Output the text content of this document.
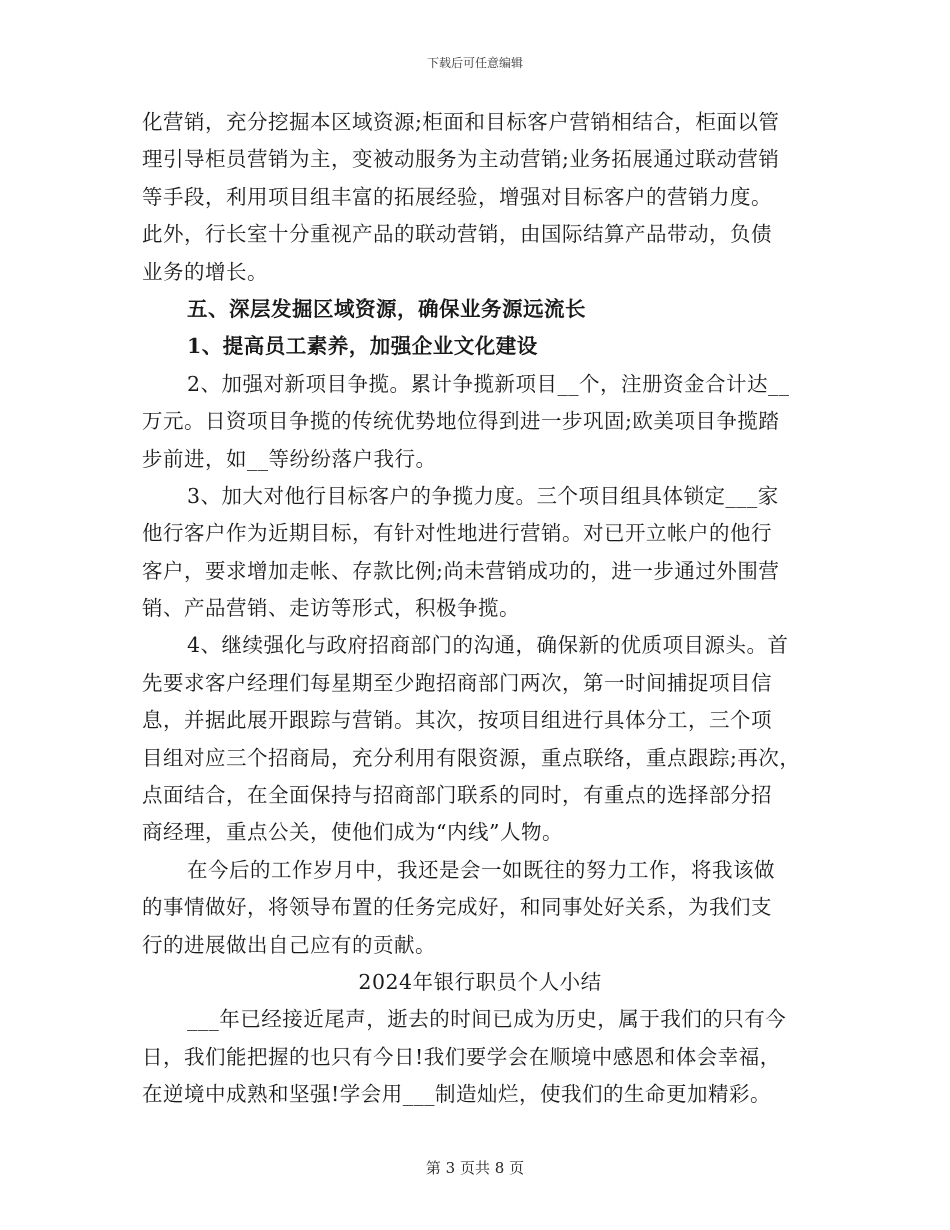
下载后可任意编辑
化营销，充分挖掘本区域资源;柜面和目标客户营销相结合，柜面以管
理引导柜员营销为主，变被动服务为主动营销;业务拓展通过联动营销
等手段，利用项目组丰富的拓展经验，增强对目标客户的营销力度。
此外，行长室十分重视产品的联动营销，由国际结算产品带动，负债
业务的增长。
五、深层发掘区域资源，确保业务源远流长
1、提高员工素养，加强企业文化建设
2、加强对新项目争揽。累计争揽新项目__个，注册资金合计达__
万元。日资项目争揽的传统优势地位得到进一步巩固;欧美项目争揽踏
步前进，如__等纷纷落户我行。
3、加大对他行目标客户的争揽力度。三个项目组具体锁定___家
他行客户作为近期目标，有针对性地进行营销。对已开立帐户的他行
客户，要求增加走帐、存款比例;尚未营销成功的，进一步通过外围营
销、产品营销、走访等形式，积极争揽。
4、继续强化与政府招商部门的沟通，确保新的优质项目源头。首
先要求客户经理们每星期至少跑招商部门两次，第一时间捕捉项目信
息，并据此展开跟踪与营销。其次，按项目组进行具体分工，三个项
目组对应三个招商局，充分利用有限资源，重点联络，重点跟踪;再次，
点面结合，在全面保持与招商部门联系的同时，有重点的选择部分招
商经理，重点公关，使他们成为“内线”人物。
在今后的工作岁月中，我还是会一如既往的努力工作，将我该做
的事情做好，将领导布置的任务完成好，和同事处好关系，为我们支
行的进展做出自己应有的贡献。
2024年银行职员个人小结
___年已经接近尾声，逝去的时间已成为历史，属于我们的只有今
日，我们能把握的也只有今日!我们要学会在顺境中感恩和体会幸福，
在逆境中成熟和坚强!学会用___制造灿烂，使我们的生命更加精彩。
第 3 页共 8 页
